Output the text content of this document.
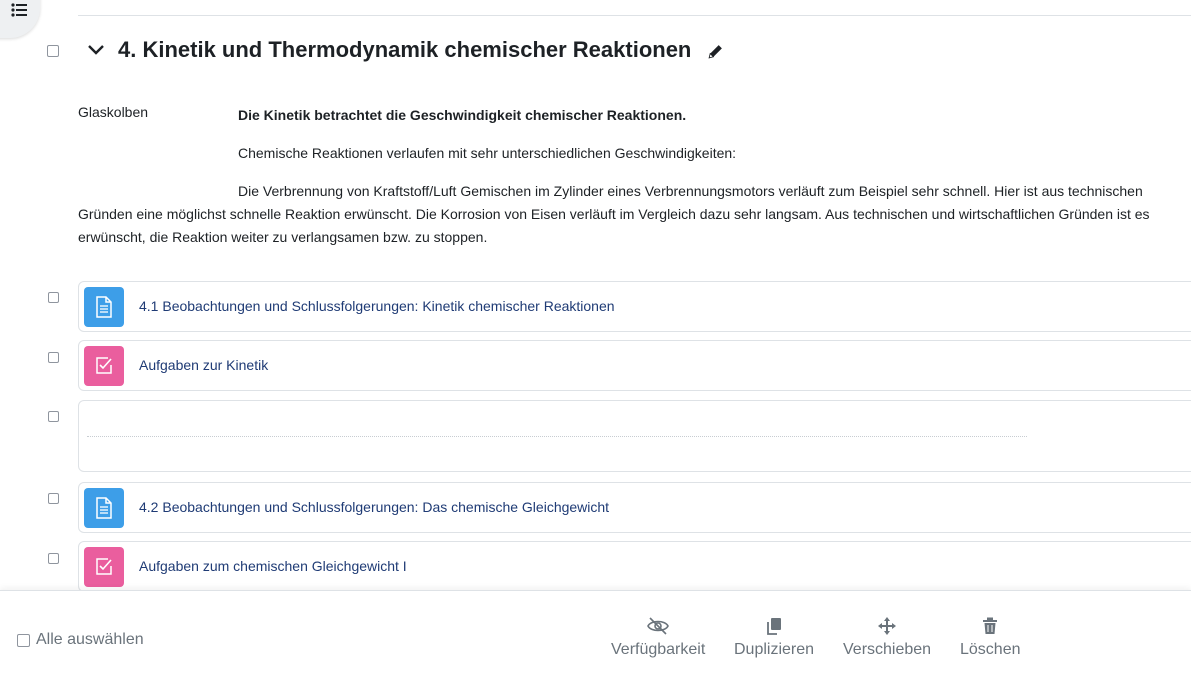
4. Kinetik und Thermodynamik chemischer Reaktionen
Glaskolben	Die Kinetik betrachtet die Geschwindigkeit chemischer Reaktionen.

Chemische Reaktionen verlaufen mit sehr unterschiedlichen Geschwindigkeiten:

Die Verbrennung von Kraftstoff/Luft Gemischen im Zylinder eines Verbrennungsmotors verläuft zum Beispiel sehr schnell. Hier ist aus technischen Gründen eine möglichst schnelle Reaktion erwünscht. Die Korrosion von Eisen verläuft im Vergleich dazu sehr langsam. Aus technischen und wirtschaftlichen Gründen ist es erwünscht, die Reaktion weiter zu verlangsamen bzw. zu stoppen.

4.1 Beobachtungen und Schlussfolgerungen: Kinetik chemischer Reaktionen
Aufgaben zur Kinetik
4.2 Beobachtungen und Schlussfolgerungen: Das chemische Gleichgewicht
Aufgaben zum chemischen Gleichgewicht I
Alle auswählen
Verfügbarkeit Duplizieren Verschieben Löschen
